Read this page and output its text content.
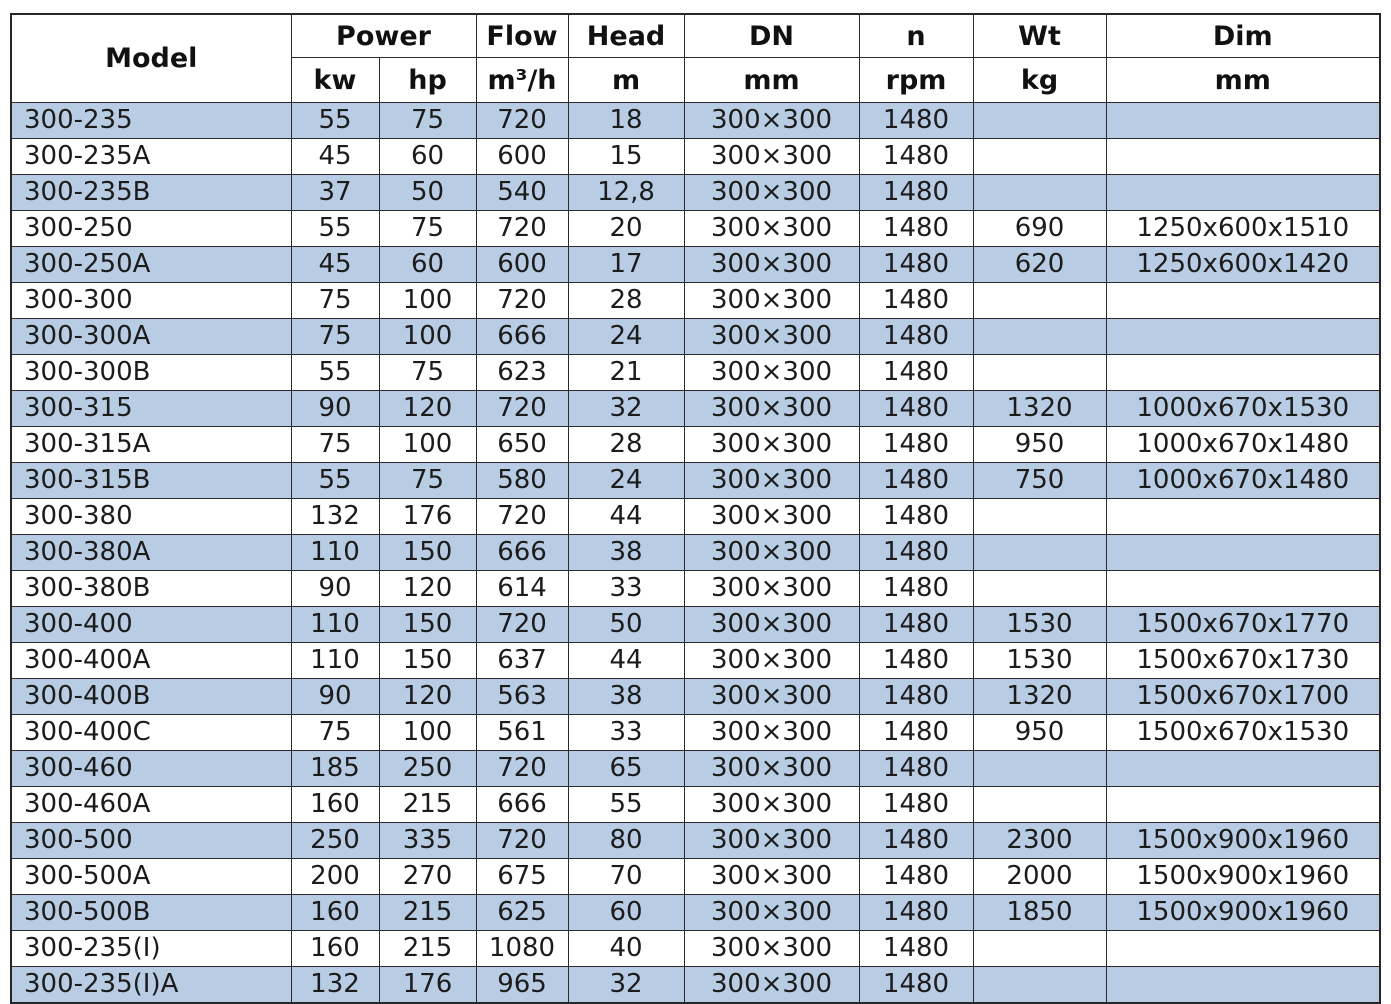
Model	Power		Flow	Head	DN	n	Wt	Dim
	kw	hp	m³/h	m	mm	rpm	kg	mm
300-235	55	75	720	18	300×300	1480		
300-235A	45	60	600	15	300×300	1480		
300-235B	37	50	540	12,8	300×300	1480		
300-250	55	75	720	20	300×300	1480	690	1250x600x1510
300-250A	45	60	600	17	300×300	1480	620	1250x600x1420
300-300	75	100	720	28	300×300	1480		
300-300A	75	100	666	24	300×300	1480		
300-300B	55	75	623	21	300×300	1480		
300-315	90	120	720	32	300×300	1480	1320	1000x670x1530
300-315A	75	100	650	28	300×300	1480	950	1000x670x1480
300-315B	55	75	580	24	300×300	1480	750	1000x670x1480
300-380	132	176	720	44	300×300	1480		
300-380A	110	150	666	38	300×300	1480		
300-380B	90	120	614	33	300×300	1480		
300-400	110	150	720	50	300×300	1480	1530	1500x670x1770
300-400A	110	150	637	44	300×300	1480	1530	1500x670x1730
300-400B	90	120	563	38	300×300	1480	1320	1500x670x1700
300-400C	75	100	561	33	300×300	1480	950	1500x670x1530
300-460	185	250	720	65	300×300	1480		
300-460A	160	215	666	55	300×300	1480		
300-500	250	335	720	80	300×300	1480	2300	1500x900x1960
300-500A	200	270	675	70	300×300	1480	2000	1500x900x1960
300-500B	160	215	625	60	300×300	1480	1850	1500x900x1960
300-235(I)	160	215	1080	40	300×300	1480		
300-235(I)A	132	176	965	32	300×300	1480		
